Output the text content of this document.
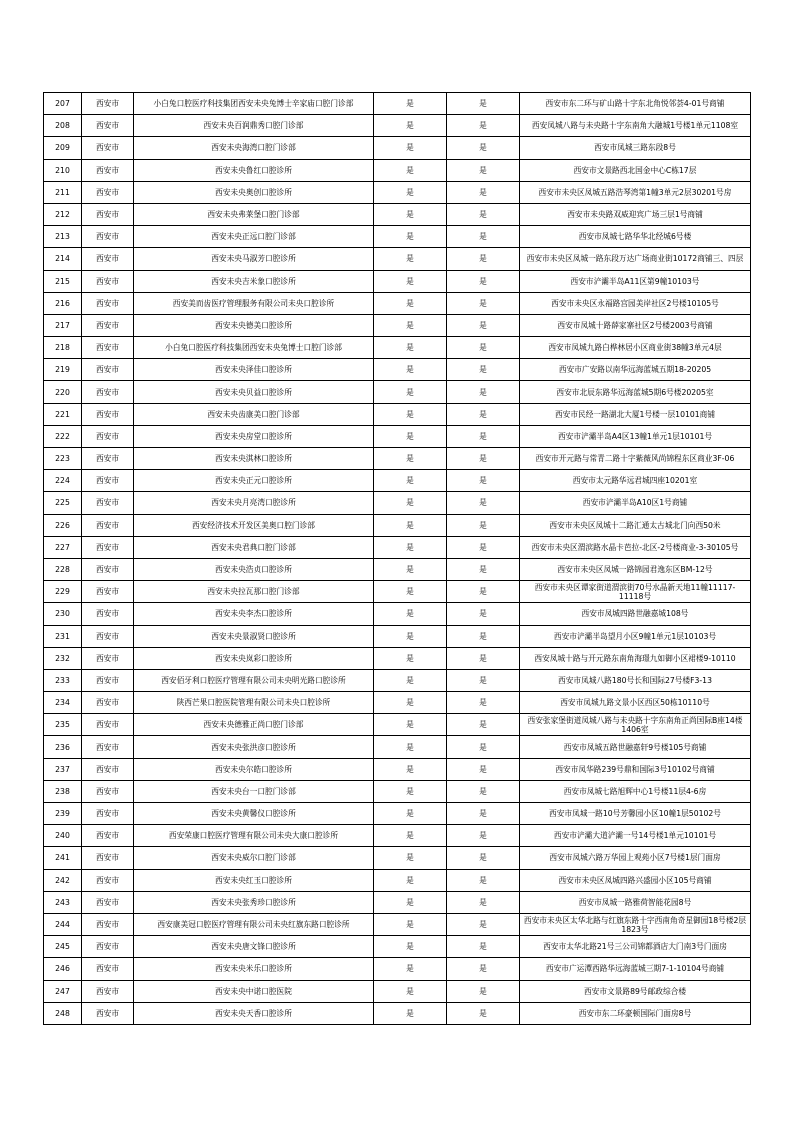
207	西安市	小白兔口腔医疗科技集团西安未央兔博士辛家庙口腔门诊部	是	是	西安市东二环与矿山路十字东北角悦邻荟4-01号商铺
208	西安市	西安未央百润鼎秀口腔门诊部	是	是	西安凤城八路与未央路十字东南角大融城1号楼1单元1108室
209	西安市	西安未央海湾口腔门诊部	是	是	西安市凤城三路东段8号
210	西安市	西安未央鲁红口腔诊所	是	是	西安市文景路西北国金中心C栋17层
211	西安市	西安未央奥创口腔诊所	是	是	西安市未央区凤城五路浩琴湾第1幢3单元2层30201号房
212	西安市	西安未央弗莱堡口腔门诊部	是	是	西安市未央路双威迎宾广场三层1号商铺
213	西安市	西安未央正远口腔门诊部	是	是	西安市凤城七路华华北经城6号楼
214	西安市	西安未央马淑芳口腔诊所	是	是	西安市未央区凤城一路东段万达广场商业街10172商铺三、四层
215	西安市	西安未央吉米象口腔诊所	是	是	西安市浐灞半岛A11区第9幢10103号
216	西安市	西安美而齿医疗管理服务有限公司未央口腔诊所	是	是	西安市未央区永福路宫园美岸社区2号楼10105号
217	西安市	西安未央德美口腔诊所	是	是	西安市凤城十路薛家寨社区2号楼2003号商铺
218	西安市	小白兔口腔医疗科技集团西安未央兔博士口腔门诊部	是	是	西安市凤城九路白桦林居小区商业街38幢3单元4层
219	西安市	西安未央泽佳口腔诊所	是	是	西安市广安路以南华远海蓝城五期18-20205
220	西安市	西安未央贝益口腔诊所	是	是	西安市北辰东路华远海蓝城5期6号楼20205室
221	西安市	西安未央齿康美口腔门诊部	是	是	西安市民经一路湖北大厦1号楼一层10101商铺
222	西安市	西安未央房堂口腔诊所	是	是	西安市浐灞半岛A4区13幢1单元1层10101号
223	西安市	西安未央淇林口腔诊所	是	是	西安市开元路与常青二路十字紫薇风尚锦程东区商业3F-06
224	西安市	西安未央正元口腔诊所	是	是	西安市太元路华远君城四座10201室
225	西安市	西安未央月亮湾口腔诊所	是	是	西安市浐灞半岛A10区1号商铺
226	西安市	西安经济技术开发区美奥口腔门诊部	是	是	西安市未央区凤城十二路汇通太古城北门向西50米
227	西安市	西安未央君典口腔门诊部	是	是	西安市未央区渭滨路水晶卡芭拉-北区-2号楼商业-3-30105号
228	西安市	西安未央浩贞口腔诊所	是	是	西安市未央区凤城一路锦园君逸东区BM-12号
229	西安市	西安未央拉瓦那口腔门诊部	是	是	西安市未央区谭家街道渭滨街70号水晶新天地11幢11117-11118号
230	西安市	西安未央李杰口腔诊所	是	是	西安市凤城四路世融嘉城108号
231	西安市	西安未央景淑贤口腔诊所	是	是	西安市浐灞半岛望月小区9幢1单元1层10103号
232	西安市	西安未央岚彩口腔诊所	是	是	西安凤城十路与开元路东南角海璟九如御小区裙楼9-10110
233	西安市	西安佰牙利口腔医疗管理有限公司未央明光路口腔诊所	是	是	西安市凤城八路180号长和国际27号楼F3-13
234	西安市	陕西芒果口腔医院管理有限公司未央口腔诊所	是	是	西安市凤城九路文景小区西区50栋10110号
235	西安市	西安未央德雅正尚口腔门诊部	是	是	西安张家堡街道凤城八路与未央路十字东南角正尚国际B座14楼1406室
236	西安市	西安未央张洪彦口腔诊所	是	是	西安市凤城五路世融嘉轩9号楼105号商铺
237	西安市	西安未央尔皓口腔诊所	是	是	西安市凤华路239号鼎和国际3号10102号商铺
238	西安市	西安未央台一口腔门诊部	是	是	西安市凤城七路旭辉中心1号楼11层4-6房
239	西安市	西安未央黄馨仪口腔诊所	是	是	西安市凤城一路10号芳馨园小区10幢1层50102号
240	西安市	西安荣康口腔医疗管理有限公司未央大康口腔诊所	是	是	西安市浐灞大道浐灞一号14号楼1单元10101号
241	西安市	西安未央威尔口腔门诊部	是	是	西安市凤城六路万华园上观苑小区7号楼1层门面房
242	西安市	西安未央红玉口腔诊所	是	是	西安市未央区凤城四路兴盛园小区105号商铺
243	西安市	西安未央张秀珍口腔诊所	是	是	西安市凤城一路雅荷智能花园8号
244	西安市	西安康美冠口腔医疗管理有限公司未央红旗东路口腔诊所	是	是	西安市未央区太华北路与红旗东路十字西南角奇星御园18号楼2层1823号
245	西安市	西安未央唐文锋口腔诊所	是	是	西安市太华北路21号三公司锦都酒店大门南3号门面房
246	西安市	西安未央米乐口腔诊所	是	是	西安市广运潭西路华远海蓝城三期7-1-10104号商铺
247	西安市	西安未央中诺口腔医院	是	是	西安市文景路89号邮政综合楼
248	西安市	西安未央天香口腔诊所	是	是	西安市东二环豪顿国际门面房8号
